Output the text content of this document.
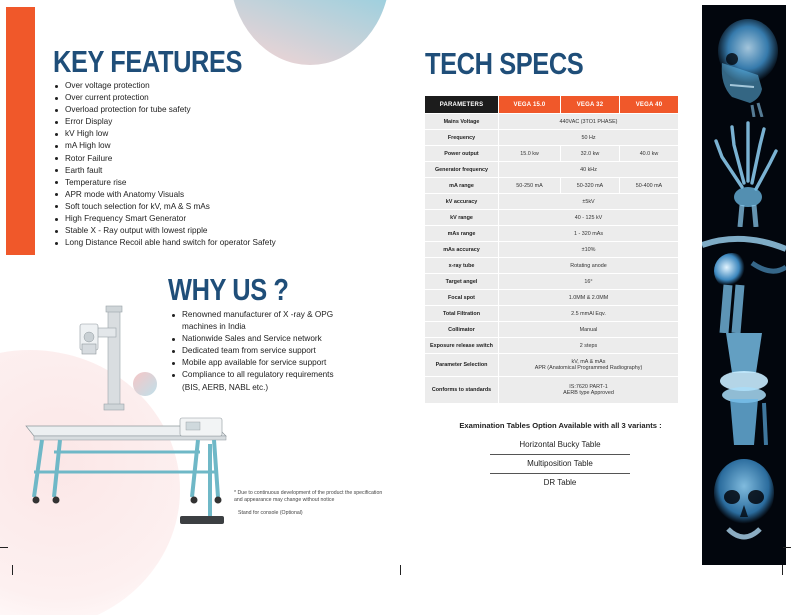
KEY FEATURES
Over voltage protection
Over current protection
Overload protection for tube safety
Error Display
kV High low
mA High low
Rotor Failure
Earth fault
Temperature rise
APR mode with Anatomy Visuals
Soft touch selection for kV, mA & S mAs
High Frequency Smart Generator
Stable X - Ray output with lowest ripple
Long Distance Recoil able hand switch for operator Safety
WHY US ?
Renowned manufacturer of X -ray & OPG machines in India
Nationwide Sales and Service network
Dedicated team from service support
Mobile app available for service support
Compliance to all regulatory requirements (BIS, AERB, NABL etc.)
* Due to continuous development of the product the specification and appearance may change without notice
Stand for console (Optional)
TECH SPECS
PARAMETERS	VEGA 15.0	VEGA 32	VEGA 40
Mains Voltage	440VAC (3TO1 PHASE)		
Frequency	50 Hz		
Power output	15.0 kw	32.0 kw	40.0 kw
Generator frequency	40 kHz		
mA range	50-250 mA	50-320 mA	50-400 mA
kV accuracy	±5kV		
kV range	40 - 125 kV		
mAs range	1 - 320 mAs		
mAs accuracy	±10%		
x-ray tube	Rotating anode		
Target angel	16°		
Focal spot	1.0MM & 2.0MM		
Total Filtration	2.5 mmAl Eqv.		
Collimator	Manual		
Exposure release switch	2 steps		
Parameter Selection	kV, mA & mAs
APR (Anatomical Programmed Radiography)		

Conforms to standards	IS:7620 PART-1
AERB type Approved		
Examination Tables Option Available with all 3 variants :
Horizontal Bucky Table
Multiposition Table
DR Table
